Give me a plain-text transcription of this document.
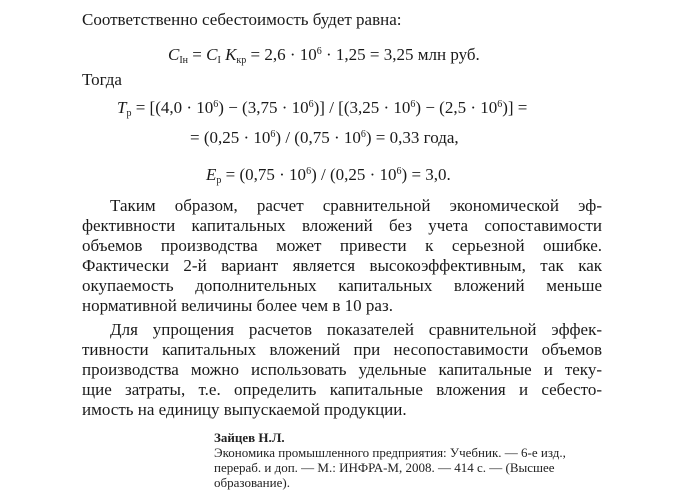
Соответственно себестоимость будет равна:
$C_{Iн} = C_I$ $K_{кр} = 2,6 \cdot 10^6 \cdot 1,25 = 3,25$ млн руб.
Тогда
$T_р = [(4,0 \cdot 10^6) - (3,75 \cdot 10^6)] / [(3,25 \cdot 10^6) - (2,5 \cdot 10^6)]$ =
= $(0,25 \cdot 10^6) / (0,75 \cdot 10^6) = 0,33$ года,
$E_р = (0,75 \cdot 10^6) / (0,25 \cdot 10^6) = 3,0$.
Таким образом, расчет сравнительной экономической эф-
фективности капитальных вложений без учета сопоставимости
объемов производства может привести к серьезной ошибке.
Фактически 2-й вариант является высокоэффективным, так как
окупаемость дополнительных капитальных вложений меньше
нормативной величины более чем в 10 раз.
Для упрощения расчетов показателей сравнительной эффек-
тивности капитальных вложений при несопоставимости объемов
производства можно использовать удельные капитальные и теку-
щие затраты, т.е. определить капитальные вложения и себесто-
имость на единицу выпускаемой продукции.
Зайцев Н.Л.
Экономика промышленного предприятия: Учебник. — 6-е изд.,
перераб. и доп. — М.: ИНФРА-М, 2008. — 414 с. — (Высшее
образование).
